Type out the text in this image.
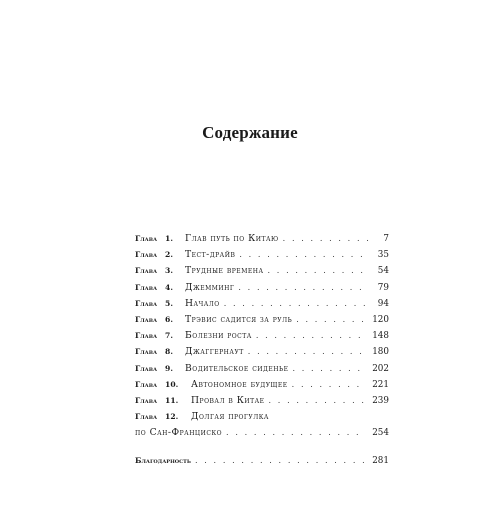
Содержание
Глава 1.	Глав путь по Китаю . . .	7
Глава 2.	Тест-драйв . . .	35
Глава 3.	Трудные времена . . .	54
Глава 4.	Джемминг . . .	79
Глава 5.	Начало . . .	94
Глава 6.	Трэвис садится за руль . . .	120
Глава 7.	Болезни роста . . .	148
Глава 8.	Джаггернаут . . .	180
Глава 9.	Водительское сиденье . . .	202
Глава 10.	Автономное будущее . . .	221
Глава 11.	Провал в Китае . . .	239
Глава 12.	Долгая прогулка
по Сан-Франциско . . .	254
Благодарность . . .	281
